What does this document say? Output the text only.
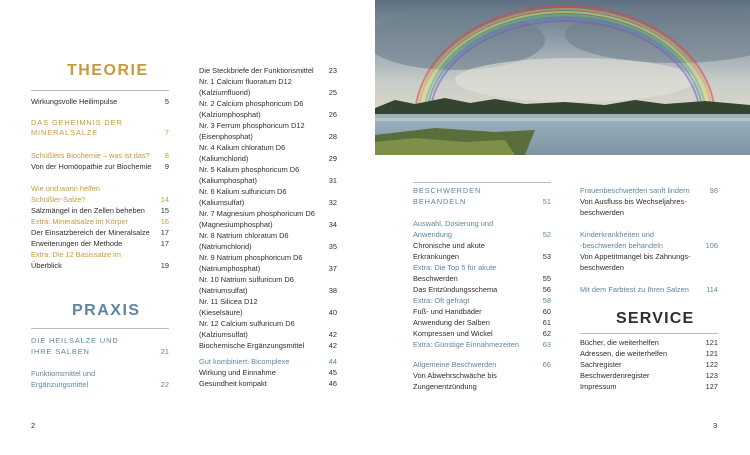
THEORIE
Wirkungsvolle Heilimpulse	5
DAS GEHEIMNIS DER
MINERALSALZE	7
Schüßlers Biochemie – was ist das? 8
Von der Homöopathie zur Biochemie 9
Wie und wann helfen
Schüßler-Salze?	14
Salzmängel in den Zellen beheben 15
Extra: Mineralsalze im Körper	16
Der Einsatzbereich der Mineralsalze 17
Erweiterungen der Methode	17
Extra: Die 12 Basissalze im
Überblick	19
PRAXIS
DIE HEILSALZE UND
IHRE SALBEN	21
Funktionsmittel und
Ergänzungsmittel	22
Die Steckbriefe der Funktionsmittel 23
Nr. 1 Calcium fluoratum D12
(Kalziumfluorid)	25
Nr. 2 Calcium phosphoricum D6
(Kalziumphosphat)	26
Nr. 3 Ferrum phosphoricum D12
(Eisenphosphat)	28
Nr. 4 Kalium chloratum D6
(Kaliumchlorid)	29
Nr. 5 Kalium phosphoricum D6
(Kaliumphosphat)	31
Nr. 6 Kalium sulfuricum D6
(Kaliumsulfat)	32
Nr. 7 Magnesium phosphoricum D6
(Magnesiumphosphat)	34
Nr. 8 Natrium chloratum D6
(Natriumchlorid)	35
Nr. 9 Natrium phosphoricum D6
(Natriumphosphat)	37
Nr. 10 Natrium sulfuricum D6
(Natriumsulfat)	38
Nr. 11 Silicea D12
(Kieselsäure)	40
Nr. 12 Calcium sulfuricum D6
(Kalziumsulfat)	42
Biochemische Ergänzungsmittel	42
Gut kombiniert: Bicomplexe	44
Wirkung und Einnahme	45
Gesundheit kompakt	46
2
BESCHWERDEN
BEHANDELN	51
Auswahl, Dosierung und
Anwendung	52
Chronische und akute
Erkrankungen	53
Extra: Die Top 5 für akute
Beschwerden	55
Das Entzündungsschema	56
Extra: Oft gefragt	58
Fuß- und Handbäder	60
Anwendung der Salben	61
Kompressen und Wickel	62
Extra: Günstige Einnahmezeiten	63
Allgemeine Beschwerden	66
Von Abwehrschwäche bis
Zungenentzündung
Frauenbeschwerden sanft lindern	98
Von Ausfluss bis Wechseljahres-
beschwerden
Kinderkrankheiten und
-beschwerden behandeln	106
Von Appetitmangel bis Zahnungs-
beschwerden
Mit dem Farbtest zu Ihren Salzen 114
SERVICE
Bücher, die weiterhelfen	121
Adressen, die weiterhelfen	121
Sachregister	122
Beschwerdenregister	123
Impressum	127
3
